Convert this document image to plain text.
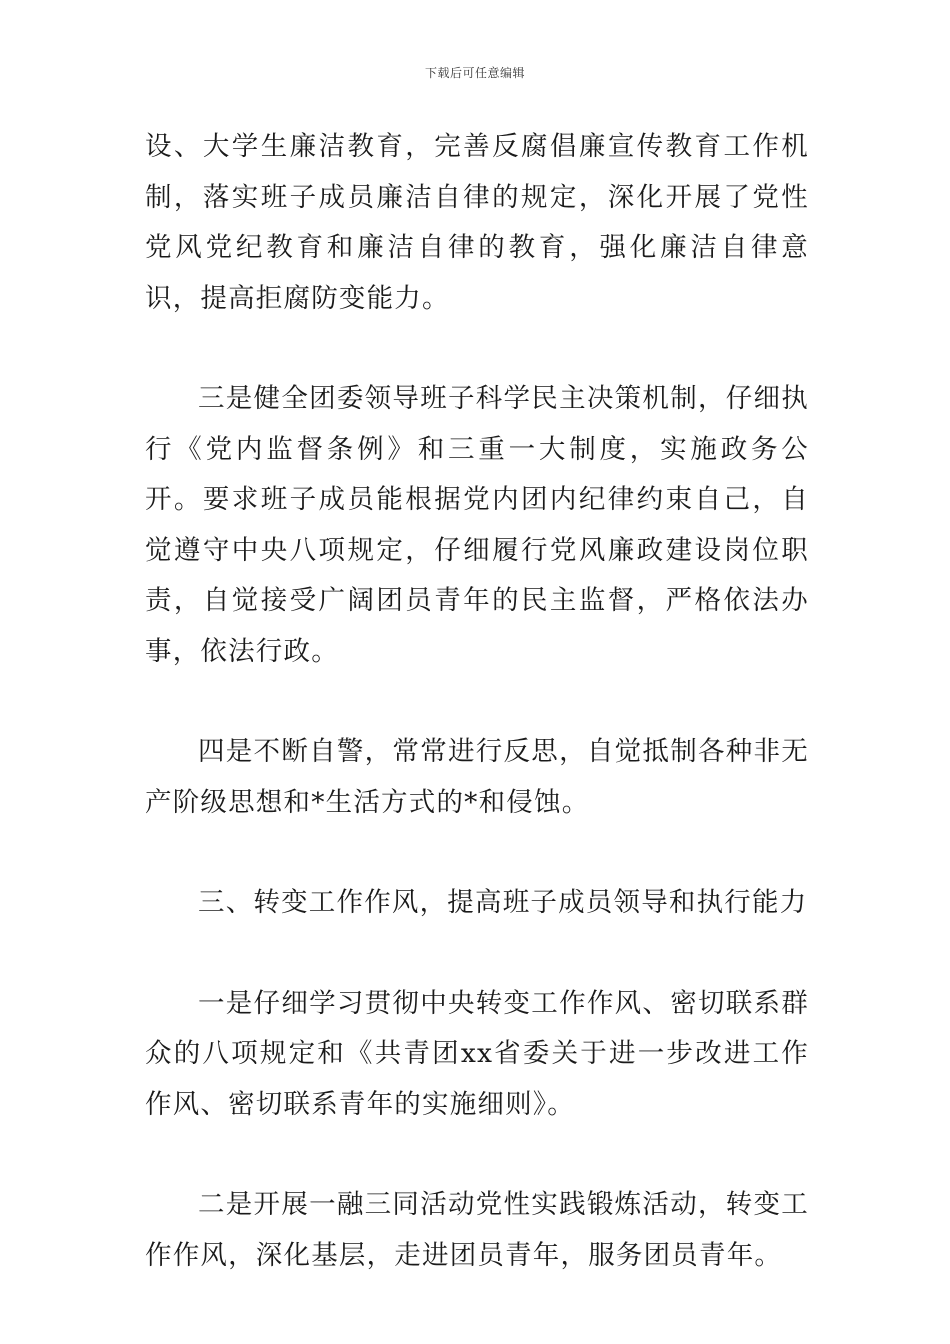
下载后可任意编辑

设、大学生廉洁教育，完善反腐倡廉宣传教育工作机制，落实班子成员廉洁自律的规定，深化开展了党性党风党纪教育和廉洁自律的教育，强化廉洁自律意识，提高拒腐防变能力。

三是健全团委领导班子科学民主决策机制，仔细执行《党内监督条例》和三重一大制度，实施政务公开。要求班子成员能根据党内团内纪律约束自己，自觉遵守中央八项规定，仔细履行党风廉政建设岗位职责，自觉接受广阔团员青年的民主监督，严格依法办事，依法行政。

四是不断自警，常常进行反思，自觉抵制各种非无产阶级思想和*生活方式的*和侵蚀。

三、转变工作作风，提高班子成员领导和执行能力

一是仔细学习贯彻中央转变工作作风、密切联系群众的八项规定和《共青团xx省委关于进一步改进工作作风、密切联系青年的实施细则》。

二是开展一融三同活动党性实践锻炼活动，转变工作作风，深化基层，走进团员青年，服务团员青年。
